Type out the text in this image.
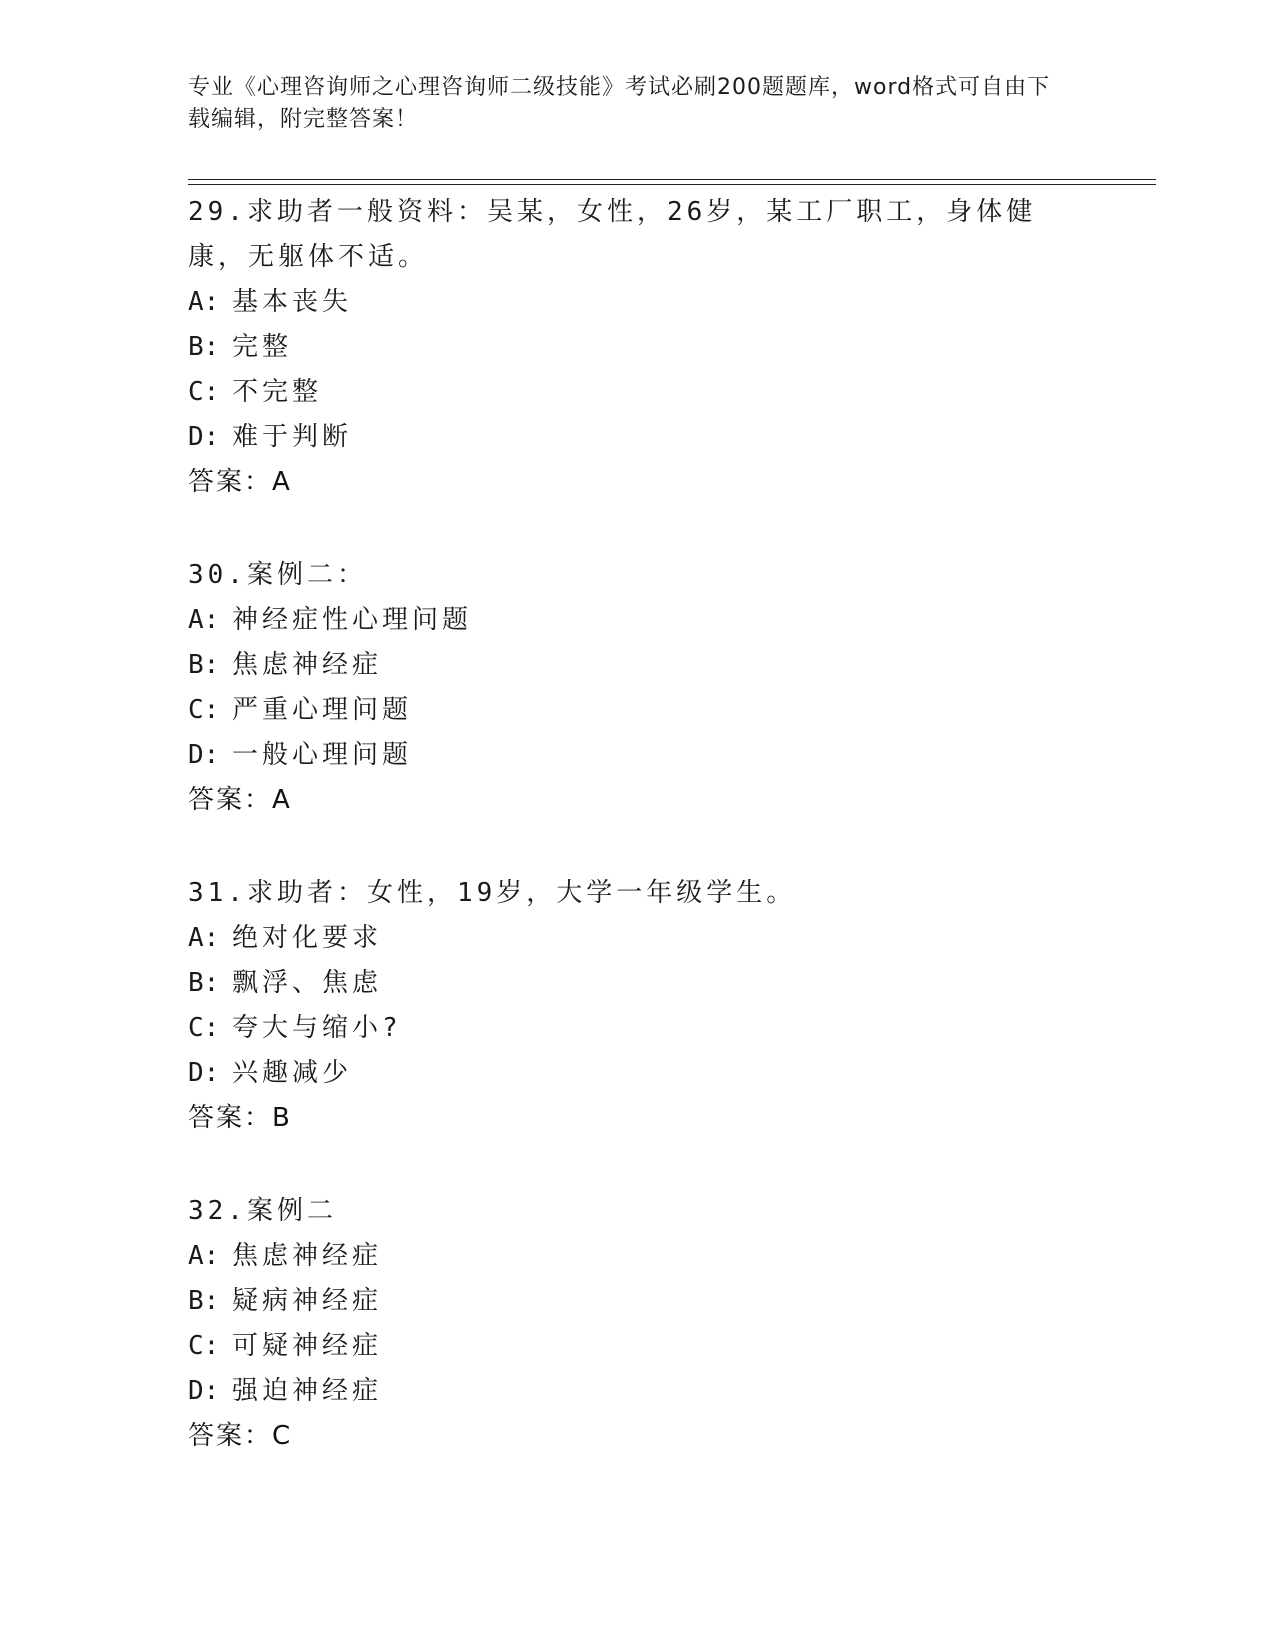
专业《心理咨询师之心理咨询师二级技能》考试必刷200题题库，word格式可自由下载编辑，附完整答案！
29.求助者一般资料：吴某，女性，26岁，某工厂职工，身体健康，无躯体不适。
A: 基本丧失
B: 完整
C: 不完整
D: 难于判断
答案：A
30.案例二：
A: 神经症性心理问题
B: 焦虑神经症
C: 严重心理问题
D: 一般心理问题
答案：A
31.求助者：女性，19岁，大学一年级学生。
A: 绝对化要求
B: 飘浮、焦虑
C: 夸大与缩小?
D: 兴趣减少
答案：B
32.案例二
A: 焦虑神经症
B: 疑病神经症
C: 可疑神经症
D: 强迫神经症
答案：C
